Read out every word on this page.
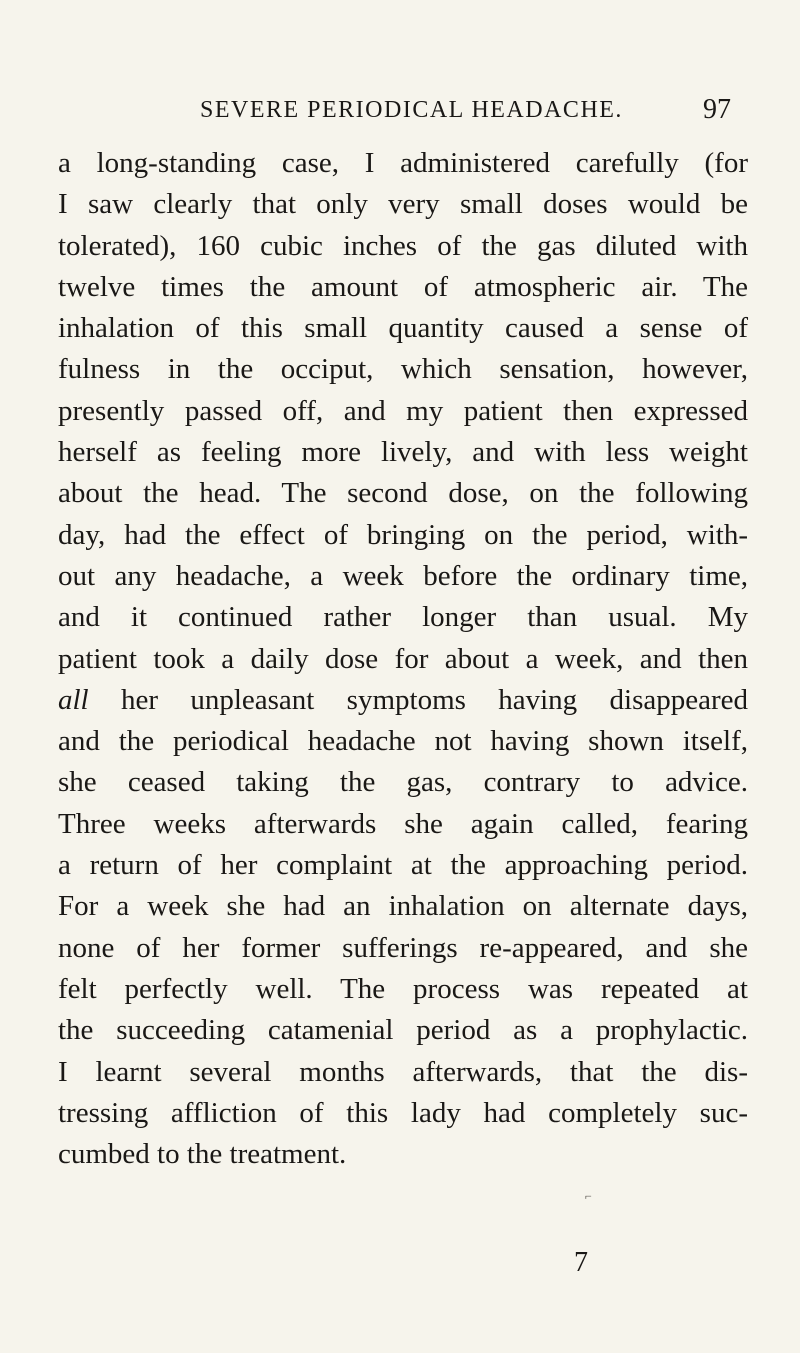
SEVERE PERIODICAL HEADACHE.	97
a long-standing case, I administered carefully (for
I saw clearly that only very small doses would be
tolerated), 160 cubic inches of the gas diluted with
twelve times the amount of atmospheric air. The
inhalation of this small quantity caused a sense of
fulness in the occiput, which sensation, however,
presently passed off, and my patient then expressed
herself as feeling more lively, and with less weight
about the head. The second dose, on the following
day, had the effect of bringing on the period, with-
out any headache, a week before the ordinary time,
and it continued rather longer than usual. My
patient took a daily dose for about a week, and then
all her unpleasant symptoms having disappeared
and the periodical headache not having shown itself,
she ceased taking the gas, contrary to advice.
Three weeks afterwards she again called, fearing
a return of her complaint at the approaching period.
For a week she had an inhalation on alternate days,
none of her former sufferings re-appeared, and she
felt perfectly well. The process was repeated at
the succeeding catamenial period as a prophylactic.
I learnt several months afterwards, that the dis-
tressing affliction of this lady had completely suc-
cumbed to the treatment.
⌐
7
